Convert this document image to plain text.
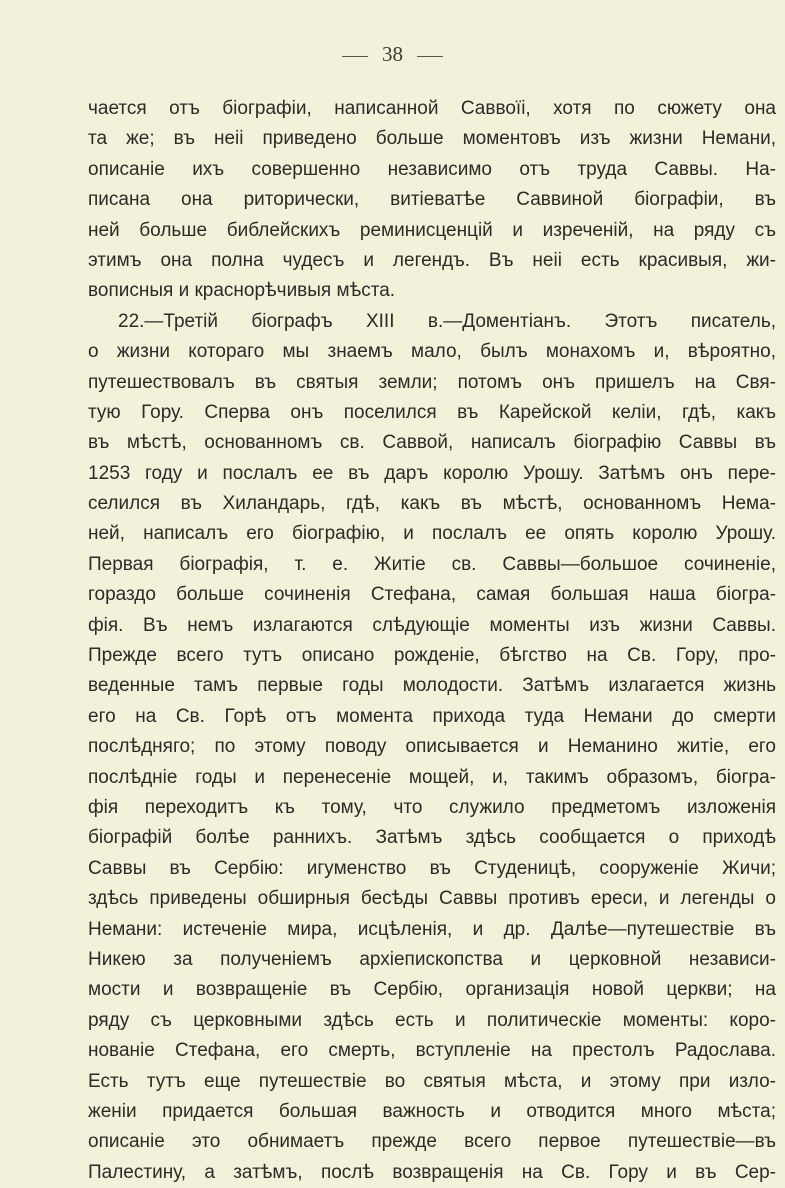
38
чается отъ біографіи, написанной Саввоїі, хотя по сюжету она
та же; въ неіі приведено больше моментовъ изъ жизни Немани,
описаніе ихъ совершенно независимо отъ труда Саввы. На-
писана она риторически, витіеватѣе Саввиной біографіи, въ
ней больше библейскихъ реминисценцій и изреченій, на ряду съ
этимъ она полна чудесъ и легендъ. Въ неіі есть красивыя, жи-
вописныя и краснорѣчивыя мѣста.
22.—Третій біографъ XIII в.—Доментіанъ. Этотъ писатель,
о жизни котораго мы знаемъ мало, былъ монахомъ и, вѣроятно,
путешествовалъ въ святыя земли; потомъ онъ пришелъ на Свя-
тую Гору. Сперва онъ поселился въ Карейской келіи, гдѣ, какъ
въ мѣстѣ, основанномъ св. Саввой, написалъ біографію Саввы въ
1253 году и послалъ ее въ даръ королю Урошу. Затѣмъ онъ пере-
селился въ Хиландарь, гдѣ, какъ въ мѣстѣ, основанномъ Нема-
ней, написалъ его біографію, и послалъ ее опять королю Урошу.
Первая біографія, т. е. Житіе св. Саввы—большое сочиненіе,
гораздо больше сочиненія Стефана, самая большая наша біогра-
фія. Въ немъ излагаются слѣдующіе моменты изъ жизни Саввы.
Прежде всего тутъ описано рожденіе, бѣгство на Св. Гору, про-
веденные тамъ первые годы молодости. Затѣмъ излагается жизнь
его на Св. Горѣ отъ момента прихода туда Немани до смерти
послѣдняго; по этому поводу описывается и Неманино житіе, его
послѣдніе годы и перенесеніе мощей, и, такимъ образомъ, біогра-
фія переходитъ къ тому, что служило предметомъ изложенія
біографій болѣе раннихъ. Затѣмъ здѣсь сообщается о приходѣ
Саввы въ Сербію: игуменство въ Студеницѣ, сооруженіе Жичи;
здѣсь приведены обширныя бесѣды Саввы противъ ереси, и легенды о
Немани: истеченіе мира, исцѣленія, и др. Далѣе—путешествіе въ
Никею за полученіемъ архіепископства и церковной независи-
мости и возвращеніе въ Сербію, организація новой церкви; на
ряду съ церковными здѣсь есть и политическіе моменты: коро-
нованіе Стефана, его смерть, вступленіе на престолъ Радослава.
Есть тутъ еще путешествіе во святыя мѣста, и этому при изло-
женіи придается большая важность и отводится много мѣста;
описаніе это обнимаетъ прежде всего первое путешествіе—въ
Палестину, а затѣмъ, послѣ возвращенія на Св. Гору и въ Сер-
